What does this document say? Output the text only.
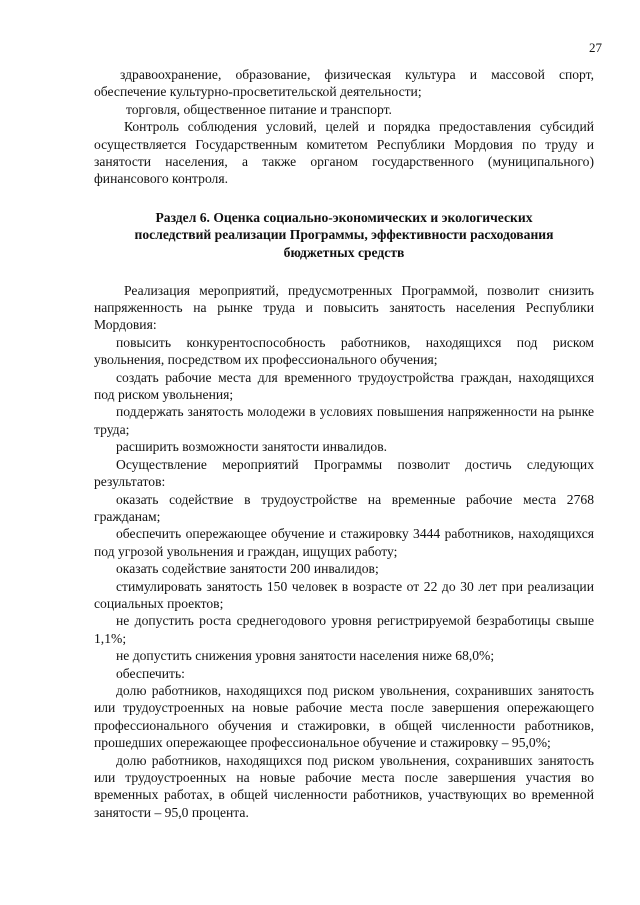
27

здравоохранение, образование, физическая культура и массовой спорт, обеспечение культурно-просветительской деятельности;

торговля, общественное питание и транспорт.

Контроль соблюдения условий, целей и порядка предоставления субсидий осуществляется Государственным комитетом Республики Мордовия по труду и занятости населения, а также органом государственного (муниципального) финансового контроля.

Раздел 6. Оценка социально-экономических и экологических
последствий реализации Программы, эффективности расходования
бюджетных средств

Реализация мероприятий, предусмотренных Программой, позволит снизить напряженность на рынке труда и повысить занятость населения Республики Мордовия:

повысить конкурентоспособность работников, находящихся под риском увольнения, посредством их профессионального обучения;

создать рабочие места для временного трудоустройства граждан, находящихся под риском увольнения;

поддержать занятость молодежи в условиях повышения напряженности на рынке труда;

расширить возможности занятости инвалидов.

Осуществление мероприятий Программы позволит достичь следующих результатов:

оказать содействие в трудоустройстве на временные рабочие места 2768 гражданам;

обеспечить опережающее обучение и стажировку 3444 работников, находящихся под угрозой увольнения и граждан, ищущих работу;

оказать содействие занятости 200 инвалидов;

стимулировать занятость 150 человек в возрасте от 22 до 30 лет при реализации социальных проектов;

не допустить роста среднегодового уровня регистрируемой безработицы свыше 1,1%;

не допустить снижения уровня занятости населения ниже 68,0%;

обеспечить:

долю работников, находящихся под риском увольнения, сохранивших занятость или трудоустроенных на новые рабочие места после завершения опережающего профессионального обучения и стажировки, в общей численности работников, прошедших опережающее профессиональное обучение и стажировку – 95,0%;

долю работников, находящихся под риском увольнения, сохранивших занятость или трудоустроенных на новые рабочие места после завершения участия во временных работах, в общей численности работников, участвующих во временной занятости – 95,0 процента.
